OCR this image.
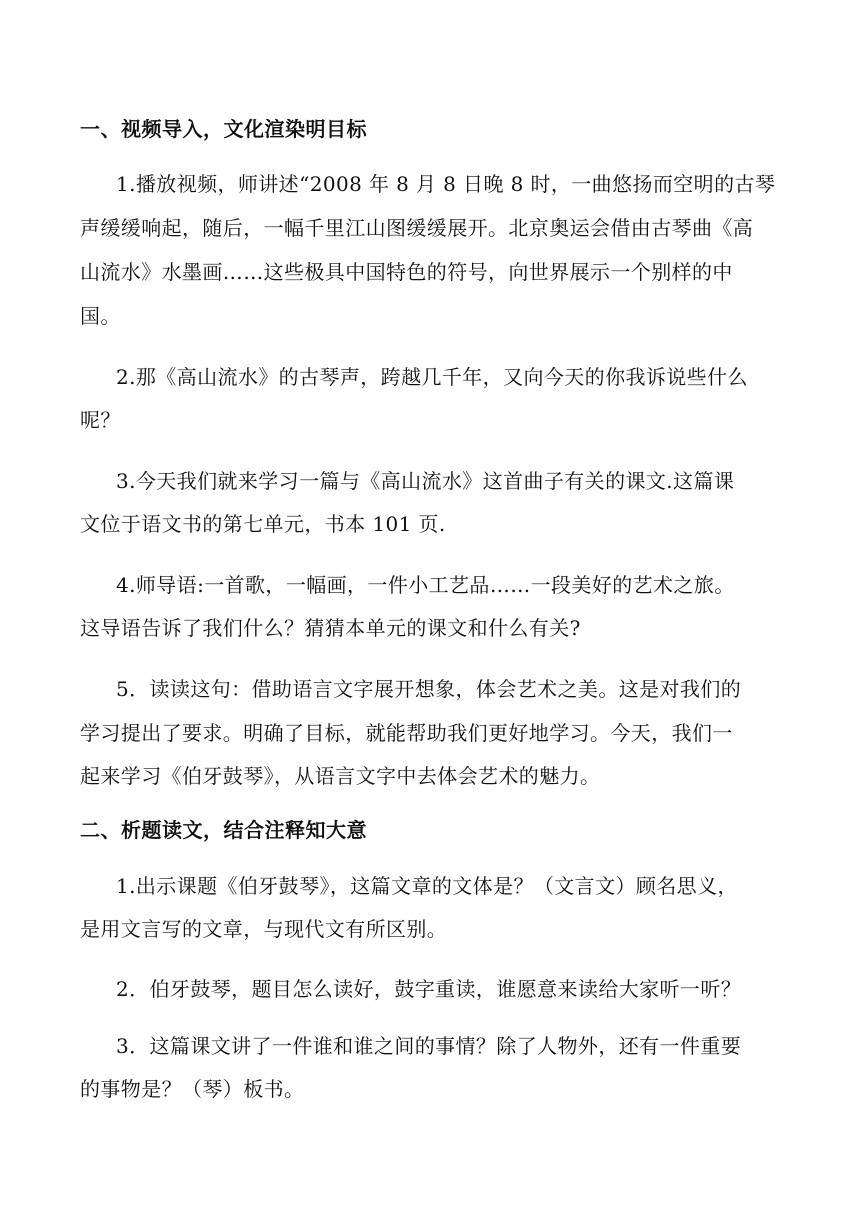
一、视频导入，文化渲染明目标
1.播放视频，师讲述“2008 年 8 月 8 日晚 8 时，一曲悠扬而空明的古琴
声缓缓响起，随后，一幅千里江山图缓缓展开。北京奥运会借由古琴曲《高
山流水》水墨画……这些极具中国特色的符号，向世界展示一个别样的中
国。
2.那《高山流水》的古琴声，跨越几千年，又向今天的你我诉说些什么
呢？
3.今天我们就来学习一篇与《高山流水》这首曲子有关的课文.这篇课
文位于语文书的第七单元，书本 101 页.
4.师导语:一首歌，一幅画，一件小工艺品……一段美好的艺术之旅。
这导语告诉了我们什么？猜猜本单元的课文和什么有关?
5．读读这句：借助语言文字展开想象，体会艺术之美。这是对我们的
学习提出了要求。明确了目标，就能帮助我们更好地学习。今天，我们一
起来学习《伯牙鼓琴》，从语言文字中去体会艺术的魅力。
二、析题读文，结合注释知大意
1.出示课题《伯牙鼓琴》，这篇文章的文体是？（文言文）顾名思义，
是用文言写的文章，与现代文有所区别。
2．伯牙鼓琴，题目怎么读好，鼓字重读，谁愿意来读给大家听一听？
3．这篇课文讲了一件谁和谁之间的事情？除了人物外，还有一件重要
的事物是？（琴）板书。
